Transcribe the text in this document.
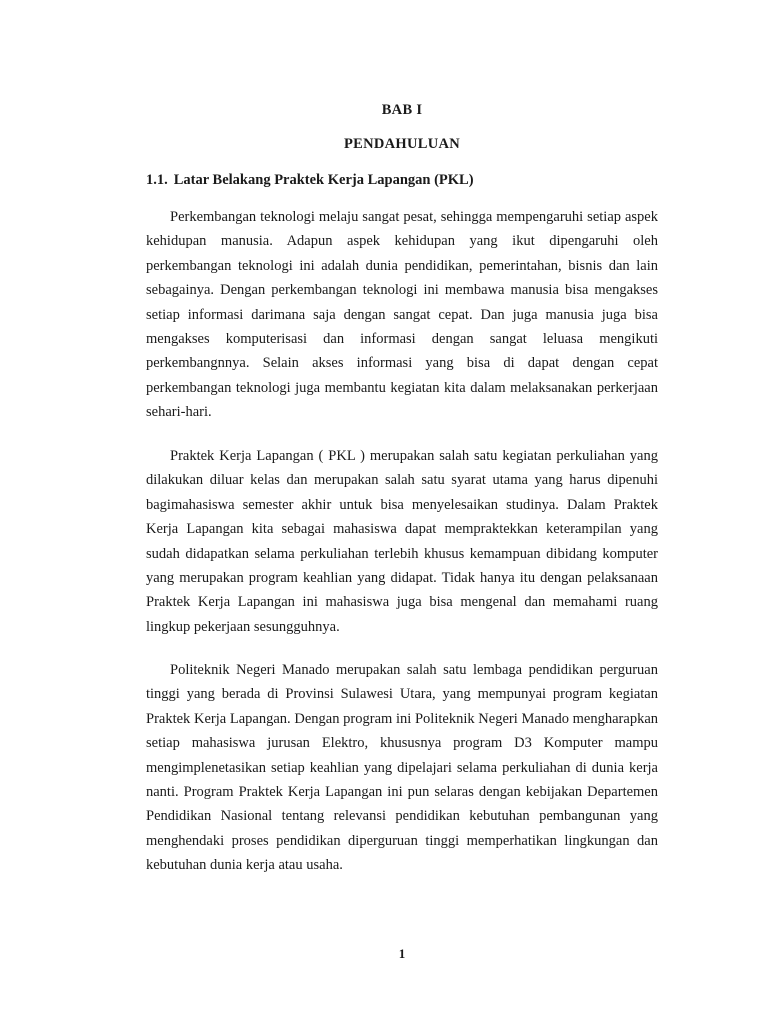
BAB I
PENDAHULUAN
1.1. Latar Belakang Praktek Kerja Lapangan (PKL)

Perkembangan teknologi melaju sangat pesat, sehingga mempengaruhi setiap aspek kehidupan manusia. Adapun aspek kehidupan yang ikut dipengaruhi oleh perkembangan teknologi ini adalah dunia pendidikan, pemerintahan, bisnis dan lain sebagainya. Dengan perkembangan teknologi ini membawa manusia bisa mengakses setiap informasi darimana saja dengan sangat cepat. Dan juga manusia juga bisa mengakses komputerisasi dan informasi dengan sangat leluasa mengikuti perkembangnnya. Selain akses informasi yang bisa di dapat dengan cepat perkembangan teknologi juga membantu kegiatan kita dalam melaksanakan perkerjaan sehari-hari.

Praktek Kerja Lapangan ( PKL ) merupakan salah satu kegiatan perkuliahan yang dilakukan diluar kelas dan merupakan salah satu syarat utama yang harus dipenuhi bagimahasiswa semester akhir untuk bisa menyelesaikan studinya. Dalam Praktek Kerja Lapangan kita sebagai mahasiswa dapat mempraktekkan keterampilan yang sudah didapatkan selama perkuliahan terlebih khusus kemampuan dibidang komputer yang merupakan program keahlian yang didapat. Tidak hanya itu dengan pelaksanaan Praktek Kerja Lapangan ini mahasiswa juga bisa mengenal dan memahami ruang lingkup pekerjaan sesungguhnya.

Politeknik Negeri Manado merupakan salah satu lembaga pendidikan perguruan tinggi yang berada di Provinsi Sulawesi Utara, yang mempunyai program kegiatan Praktek Kerja Lapangan. Dengan program ini Politeknik Negeri Manado mengharapkan setiap mahasiswa jurusan Elektro, khususnya program D3 Komputer mampu mengimplenetasikan setiap keahlian yang dipelajari selama perkuliahan di dunia kerja nanti. Program Praktek Kerja Lapangan ini pun selaras dengan kebijakan Departemen Pendidikan Nasional tentang relevansi pendidikan kebutuhan pembangunan yang menghendaki proses pendidikan diperguruan tinggi memperhatikan lingkungan dan kebutuhan dunia kerja atau usaha.

1
